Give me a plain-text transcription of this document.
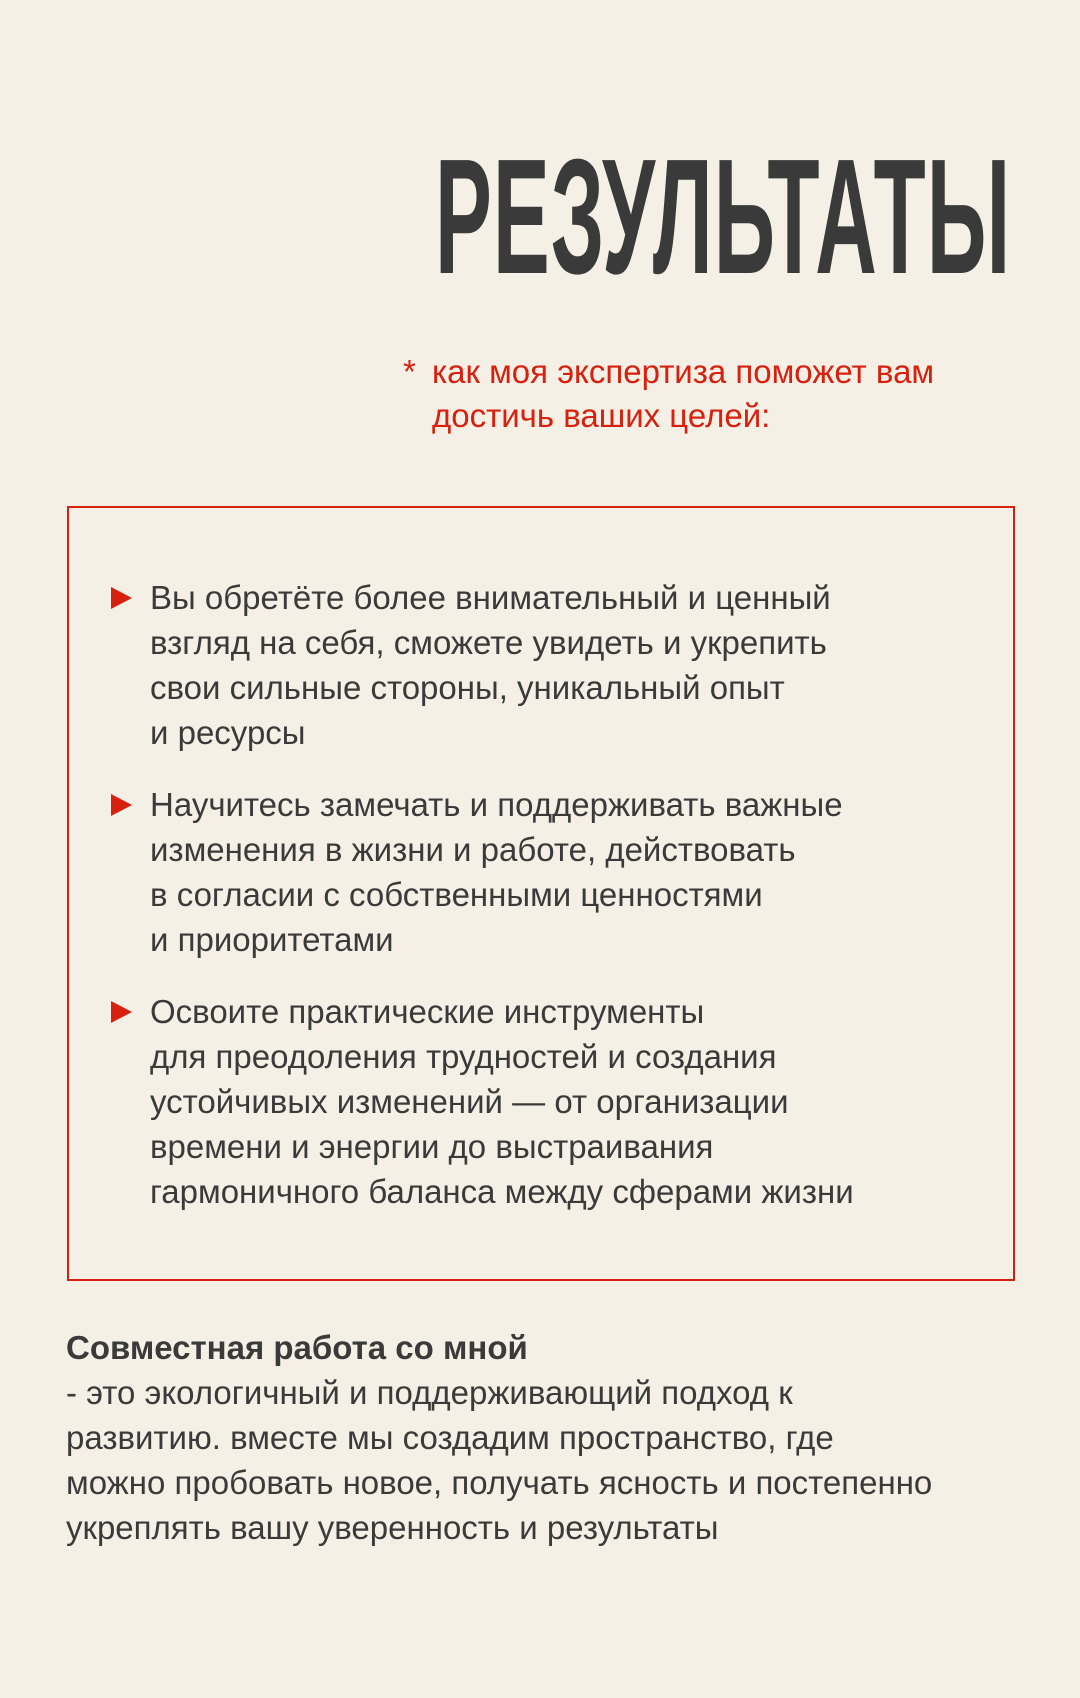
РЕЗУЛЬТАТЫ
* как моя экспертиза поможет вам
достичь ваших целей:
Вы обретёте более внимательный и ценный
взгляд на себя, сможете увидеть и укрепить
свои сильные стороны, уникальный опыт
и ресурсы
Научитесь замечать и поддерживать важные
изменения в жизни и работе, действовать
в согласии с собственными ценностями
и приоритетами
Освоите практические инструменты
для преодоления трудностей и создания
устойчивых изменений — от организации
времени и энергии до выстраивания
гармоничного баланса между сферами жизни
Совместная работа со мной
- это экологичный и поддерживающий подход к
развитию. вместе мы создадим пространство, где
можно пробовать новое, получать ясность и постепенно
укреплять вашу уверенность и результаты
